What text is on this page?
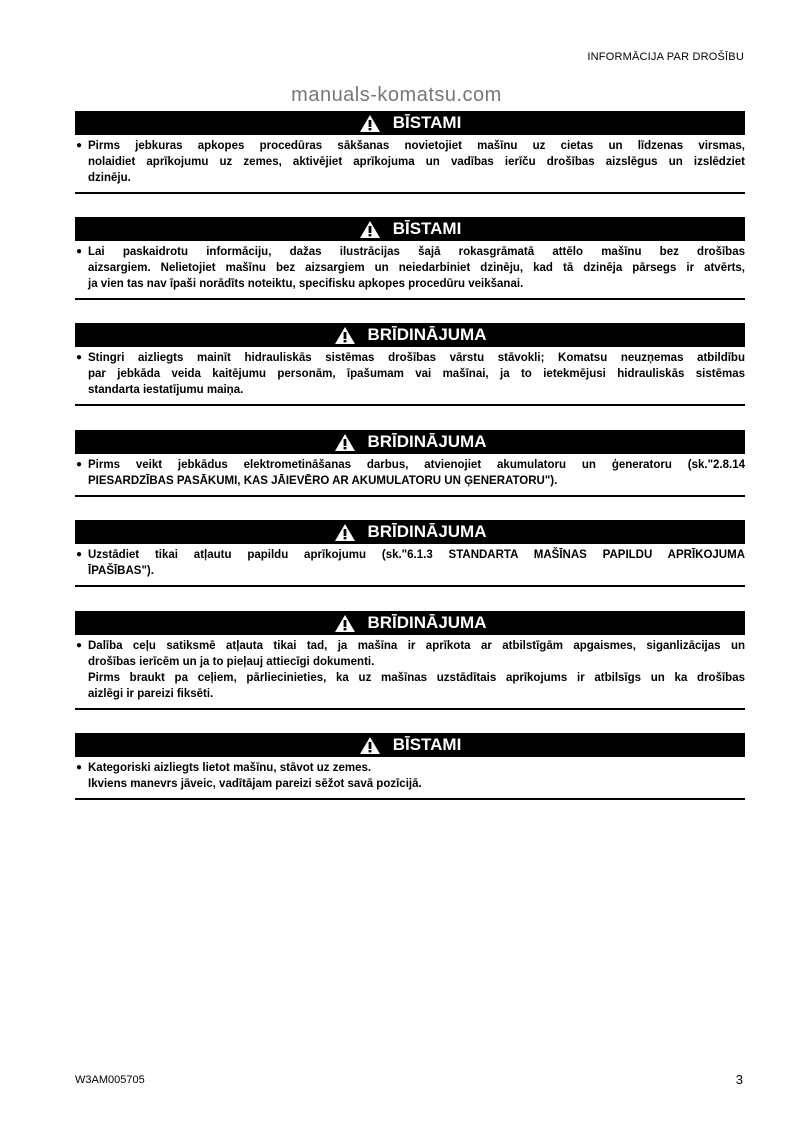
INFORMĀCIJA PAR DROŠĪBU
manuals-komatsu.com
BĪSTAMI
● Pirms jebkuras apkopes procedūras sākšanas novietojiet mašīnu uz cietas un līdzenas virsmas,
nolaidiet aprīkojumu uz zemes, aktivējiet aprīkojuma un vadības ierīču drošības aizslēgus un izslēdziet
dzinēju.
BĪSTAMI
● Lai paskaidrotu informāciju, dažas ilustrācijas šajā rokasgrāmatā attēlo mašīnu bez drošības
aizsargiem. Nelietojiet mašīnu bez aizsargiem un neiedarbiniet dzinēju, kad tā dzinēja pārsegs ir atvērts,
ja vien tas nav īpaši norādīts noteiktu, specifisku apkopes procedūru veikšanai.
BRĪDINĀJUMA
● Stingri aizliegts mainīt hidrauliskās sistēmas drošības vārstu stāvokli; Komatsu neuzņemas atbildību
par jebkāda veida kaitējumu personām, īpašumam vai mašīnai, ja to ietekmējusi hidrauliskās sistēmas
standarta iestatījumu maiņa.
BRĪDINĀJUMA
● Pirms veikt jebkādus elektrometināšanas darbus, atvienojiet akumulatoru un ģeneratoru (sk."2.8.14
PIESARDZĪBAS PASĀKUMI, KAS JĀIEVĒRO AR AKUMULATORU UN ĢENERATORU").
BRĪDINĀJUMA
● Uzstādiet tikai atļautu papildu aprīkojumu (sk."6.1.3 STANDARTA MAŠĪNAS PAPILDU APRĪKOJUMA
ĪPAŠĪBAS").
BRĪDINĀJUMA
● Dalība ceļu satiksmē atļauta tikai tad, ja mašīna ir aprīkota ar atbilstīgām apgaismes, siganlizācijas un
drošības ierīcēm un ja to pieļauj attiecīgi dokumenti.
Pirms braukt pa ceļiem, pārliecinieties, ka uz mašīnas uzstādītais aprīkojums ir atbilsīgs un ka drošības
aizlēgi ir pareizi fiksēti.
BĪSTAMI
● Kategoriski aizliegts lietot mašīnu, stāvot uz zemes.
Ikviens manevrs jāveic, vadītājam pareizi sēžot savā pozīcijā.
W3AM005705	3
